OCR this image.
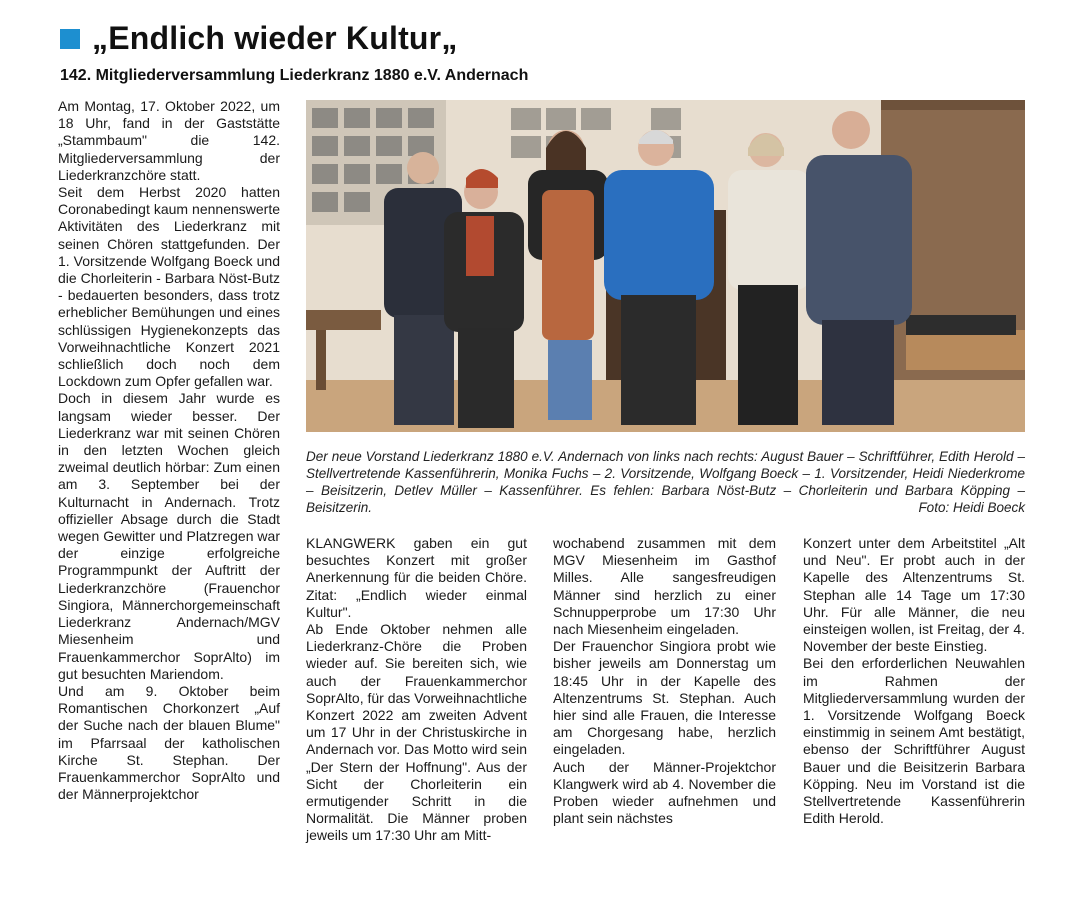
„Endlich wieder Kultur„
142. Mitgliederversammlung Liederkranz 1880 e.V. Andernach

Am Montag, 17. Oktober 2022, um 18 Uhr, fand in der Gaststätte „Stammbaum" die 142. Mitgliederversammlung der Liederkranzchöre statt.

Seit dem Herbst 2020 hatten Coronabedingt kaum nennenswerte Aktivitäten des Liederkranz mit seinen Chören stattgefunden. Der 1. Vorsitzende Wolfgang Boeck und die Chorleiterin - Barbara Nöst-Butz - bedauerten besonders, dass trotz erheblicher Bemühungen und eines schlüssigen Hygienekonzepts das Vorweihnachtliche Konzert 2021 schließlich doch noch dem Lockdown zum Opfer gefallen war.

Doch in diesem Jahr wurde es langsam wieder besser. Der Liederkranz war mit seinen Chören in den letzten Wochen gleich zweimal deutlich hörbar: Zum einen am 3. September bei der Kulturnacht in Andernach. Trotz offizieller Absage durch die Stadt wegen Gewitter und Platzregen war der einzige erfolgreiche Programmpunkt der Auftritt der Liederkranzchöre (Frauenchor Singiora, Männerchorgemeinschaft Liederkranz Andernach/MGV Miesenheim und Frauenkammerchor SoprAlto) im gut besuchten Mariendom.

Und am 9. Oktober beim Romantischen Chorkonzert „Auf der Suche nach der blauen Blume" im Pfarrsaal der katholischen Kirche St. Stephan. Der Frauenkammerchor SoprAlto und der Männerprojektchor

Der neue Vorstand Liederkranz 1880 e.V. Andernach von links nach rechts: August Bauer – Schriftführer, Edith Herold – Stellvertretende Kassenführerin, Monika Fuchs – 2. Vorsitzende, Wolfgang Boeck – 1. Vorsitzender, Heidi Niederkrome – Beisitzerin, Detlev Müller – Kassenführer. Es fehlen: Barbara Nöst-Butz – Chorleiterin und Barbara Köpping – Beisitzerin.	Foto: Heidi Boeck

KLANGWERK gaben ein gut besuchtes Konzert mit großer Anerkennung für die beiden Chöre. Zitat: „Endlich wieder einmal Kultur".

Ab Ende Oktober nehmen alle Liederkranz-Chöre die Proben wieder auf. Sie bereiten sich, wie auch der Frauenkammerchor SoprAlto, für das Vorweihnachtliche Konzert 2022 am zweiten Advent um 17 Uhr in der Christuskirche in Andernach vor. Das Motto wird sein „Der Stern der Hoffnung". Aus der Sicht der Chorleiterin ein ermutigender Schritt in die Normalität. Die Männer proben jeweils um 17:30 Uhr am Mitt-

wochabend zusammen mit dem MGV Miesenheim im Gasthof Milles. Alle sangesfreudigen Männer sind herzlich zu einer Schnupperprobe um 17:30 Uhr nach Miesenheim eingeladen.

Der Frauenchor Singiora probt wie bisher jeweils am Donnerstag um 18:45 Uhr in der Kapelle des Altenzentrums St. Stephan. Auch hier sind alle Frauen, die Interesse am Chorgesang habe, herzlich eingeladen.

Auch der Männer-Projektchor Klangwerk wird ab 4. November die Proben wieder aufnehmen und plant sein nächstes

Konzert unter dem Arbeitstitel „Alt und Neu". Er probt auch in der Kapelle des Altenzentrums St. Stephan alle 14 Tage um 17:30 Uhr. Für alle Männer, die neu einsteigen wollen, ist Freitag, der 4. November der beste Einstieg.

Bei den erforderlichen Neuwahlen im Rahmen der Mitgliederversammlung wurden der 1. Vorsitzende Wolfgang Boeck einstimmig in seinem Amt bestätigt, ebenso der Schriftführer August Bauer und die Beisitzerin Barbara Köpping. Neu im Vorstand ist die Stellvertretende Kassenführerin Edith Herold.
